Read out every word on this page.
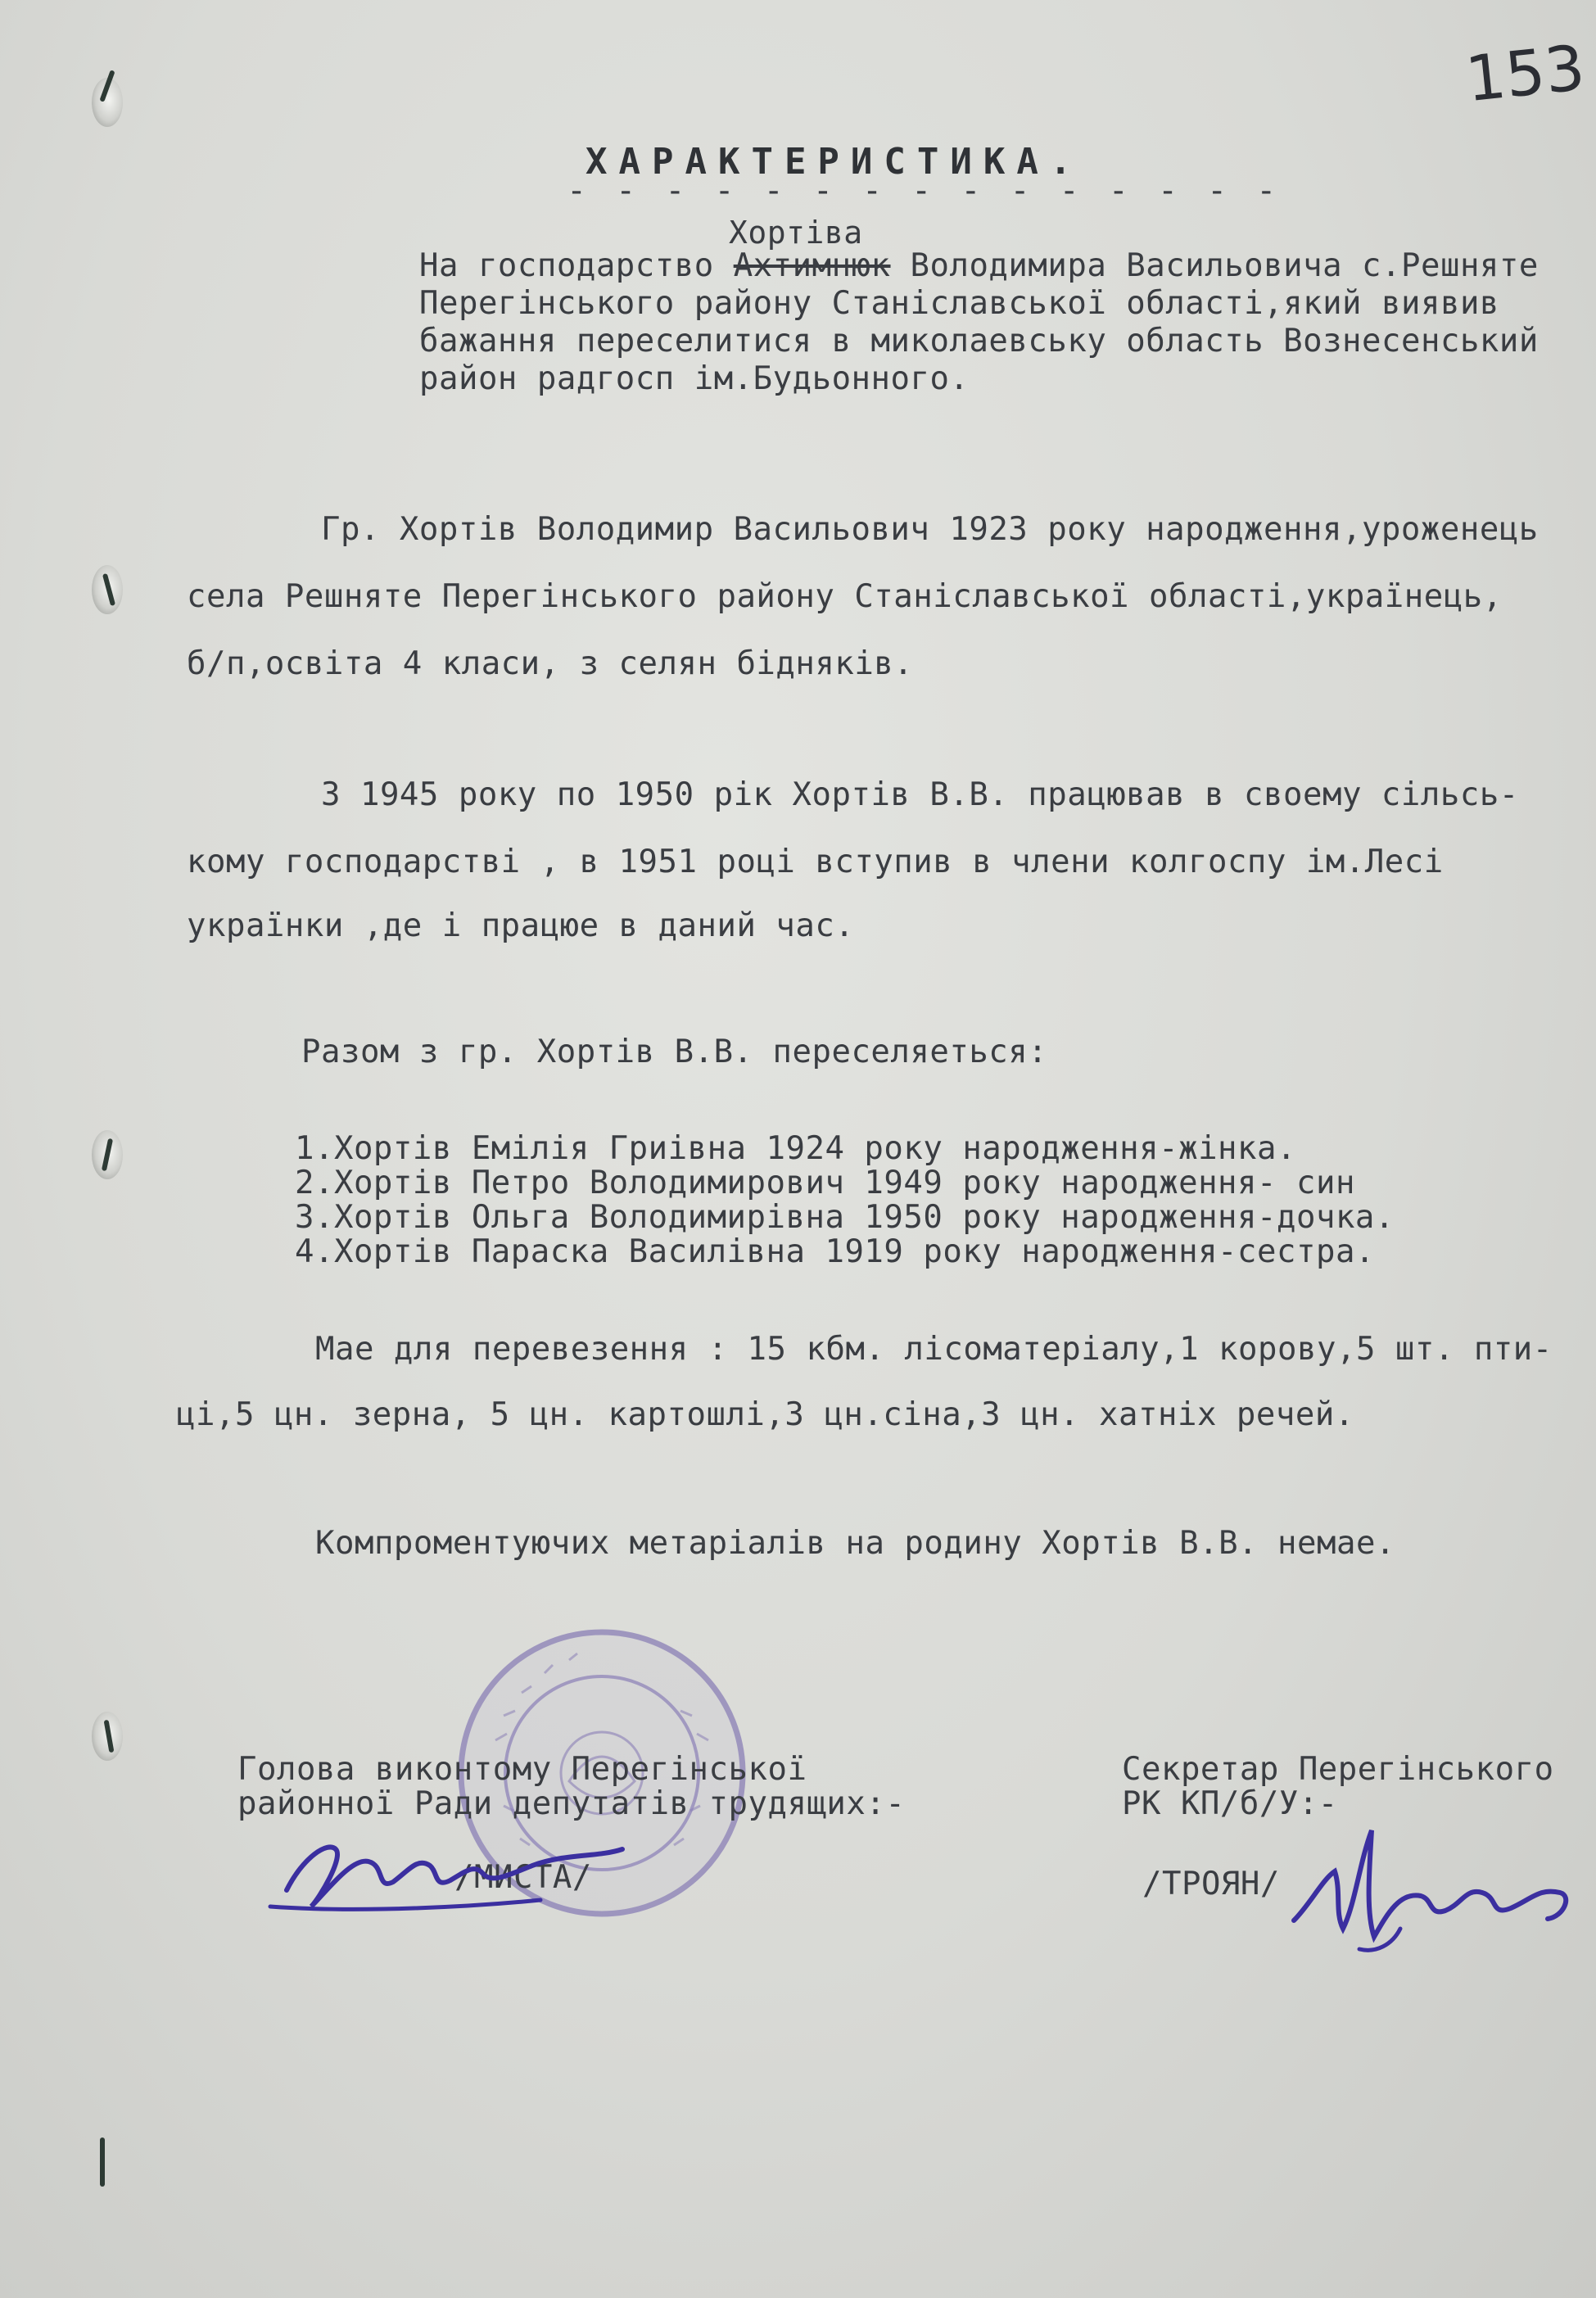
153
ХАРАКТЕРИСТИКА.
- - - - - - - - - - - - - - -
Хортіва
На господарство Ахтимнюк Володимира Васильовича с.Решняте
Перегінського району Станіславської області,який виявив
бажання переселитися в миколаевську область Вознесенський
район радгосп ім.Будьонного.
Гр. Хортів Володимир Васильович 1923 року народження,уроженець
села Решняте Перегінського району Станіславської області,українець,
б/п,освіта 4 класи, з селян бідняків.
З 1945 року по 1950 рік Хортів В.В. працював в своему сільсь-
кому господарстві , в 1951 році вступив в члени колгоспу ім.Лесі
українки ,де і працюе в даний час.
Разом з гр. Хортів В.В. переселяеться:
1.Хортів Емілія Гриівна 1924 року народження-жінка.
2.Хортів Петро Володимирович 1949 року народження- син
3.Хортів Ольга Володимирівна 1950 року народження-дочка.
4.Хортів Параска Василівна 1919 року народження-сестра.
Мае для перевезення : 15 кбм. лісоматеріалу,1 корову,5 шт. пти-
ці,5 цн. зерна, 5 цн. картошлі,3 цн.сіна,3 цн. хатніх речей.
Компроментуючих метаріалів на родину Хортів В.В. немае.
Голова виконтому Перегінської
районної Ради депутатів трудящих:-
/МИСТА/
Секретар Перегінського
РК КП/б/У:-
/ТРОЯН/
